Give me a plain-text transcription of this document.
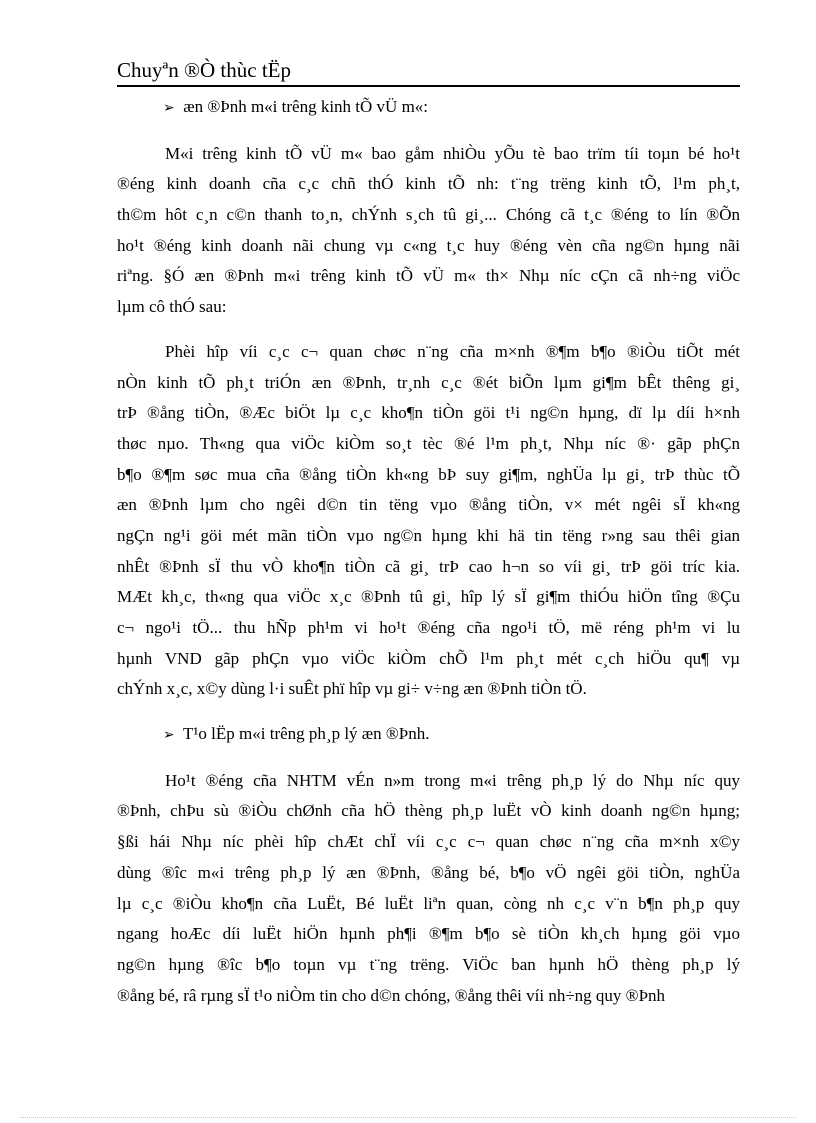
Chuyªn ®Ò thùc tËp

➢ æn ®Þnh m«i trêng kinh tÕ vÜ m«:

M«i trêng kinh tÕ vÜ m« bao gåm nhiÒu yÕu tè bao trïm tíi toµn bé ho¹t
®éng kinh doanh cña c¸c chñ thÓ kinh tÕ nh: t¨ng trëng kinh tÕ, l¹m ph¸t,
th©m hôt c¸n c©n thanh to¸n, chÝnh s¸ch tû gi¸... Chóng cã t¸c ®éng to lín ®Õn
ho¹t ®éng kinh doanh nãi chung vµ c«ng t¸c huy ®éng vèn cña ng©n hµng nãi
riªng. §Ó æn ®Þnh m«i trêng kinh tÕ vÜ m« th× Nhµ níc cÇn cã nh÷ng viÖc
lµm cô thÓ sau:
Phèi hîp víi c¸c c¬ quan chøc n¨ng cña m×nh ®¶m b¶o ®iÒu tiÕt mét
nÒn kinh tÕ ph¸t triÓn æn ®Þnh, tr¸nh c¸c ®ét biÕn lµm gi¶m bÊt thêng gi¸
trÞ ®ång tiÒn, ®Æc biÖt lµ c¸c kho¶n tiÒn göi t¹i ng©n hµng, dï lµ díi h×nh
thøc nµo. Th«ng qua viÖc kiÒm so¸t tèc ®é l¹m ph¸t, Nhµ níc ®· gãp phÇn
b¶o ®¶m søc mua cña ®ång tiÒn kh«ng bÞ suy gi¶m, nghÜa lµ gi¸ trÞ thùc tÕ
æn ®Þnh lµm cho ngêi d©n tin tëng vµo ®ång tiÒn, v× mét ngêi sÏ kh«ng
ngÇn ng¹i göi mét mãn tiÒn vµo ng©n hµng khi hä tin tëng r»ng sau thêi gian
nhÊt ®Þnh sÏ thu vÒ kho¶n tiÒn cã gi¸ trÞ cao h¬n so víi gi¸ trÞ göi tríc kia.
MÆt kh¸c, th«ng qua viÖc x¸c ®Þnh tû gi¸ hîp lý sÏ gi¶m thiÓu hiÖn tîng ®Çu
c¬ ngo¹i tÖ... thu hÑp ph¹m vi ho¹t ®éng cña ngo¹i tÖ, më réng ph¹m vi lu
hµnh VND gãp phÇn vµo viÖc kiÒm chÕ l¹m ph¸t mét c¸ch hiÖu qu¶ vµ
chÝnh x¸c, x©y dùng l·i suÊt phï hîp vµ gi÷ v÷ng æn ®Þnh tiÒn tÖ.

➢ T¹o lËp m«i trêng ph¸p lý æn ®Þnh.

Ho¹t ®éng cña NHTM vÉn n»m trong m«i trêng ph¸p lý do Nhµ níc quy
®Þnh, chÞu sù ®iÒu chØnh cña hÖ thèng ph¸p luËt vÒ kinh doanh ng©n hµng;
§ßi hái Nhµ níc phèi hîp chÆt chÏ víi c¸c c¬ quan chøc n¨ng cña m×nh x©y
dùng ®îc m«i trêng ph¸p lý æn ®Þnh, ®ång bé, b¶o vÖ ngêi göi tiÒn, nghÜa
lµ c¸c ®iÒu kho¶n cña LuËt, Bé luËt liªn quan, còng nh c¸c v¨n b¶n ph¸p quy
ngang hoÆc díi luËt hiÖn hµnh ph¶i ®¶m b¶o sè tiÒn kh¸ch hµng göi vµo
ng©n hµng ®îc b¶o toµn vµ t¨ng trëng. ViÖc ban hµnh hÖ thèng ph¸p lý
®ång bé, râ rµng sÏ t¹o niÒm tin cho d©n chóng, ®ång thêi víi nh÷ng quy ®Þnh
